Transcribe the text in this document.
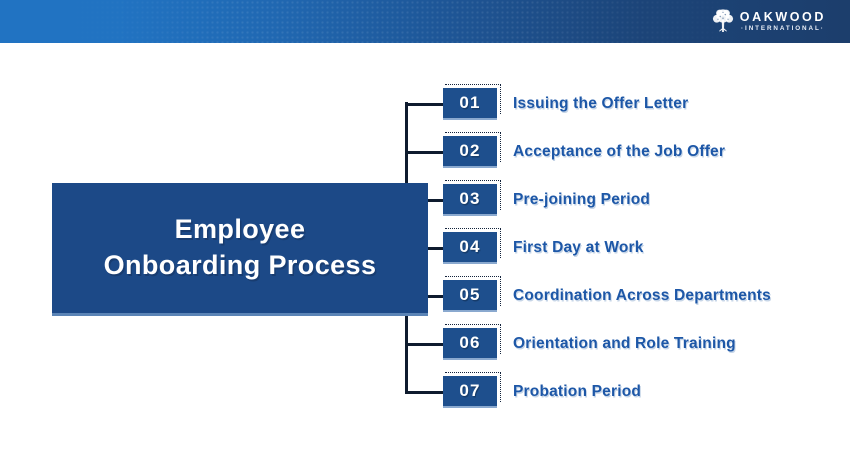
OAKWOOD
·INTERNATIONAL·
01	Issuing the Offer Letter
02	Acceptance of the Job Offer
03	Pre-joining Period
04	First Day at Work
05	Coordination Across Departments
06	Orientation and Role Training
07	Probation Period
Employee
Onboarding Process
